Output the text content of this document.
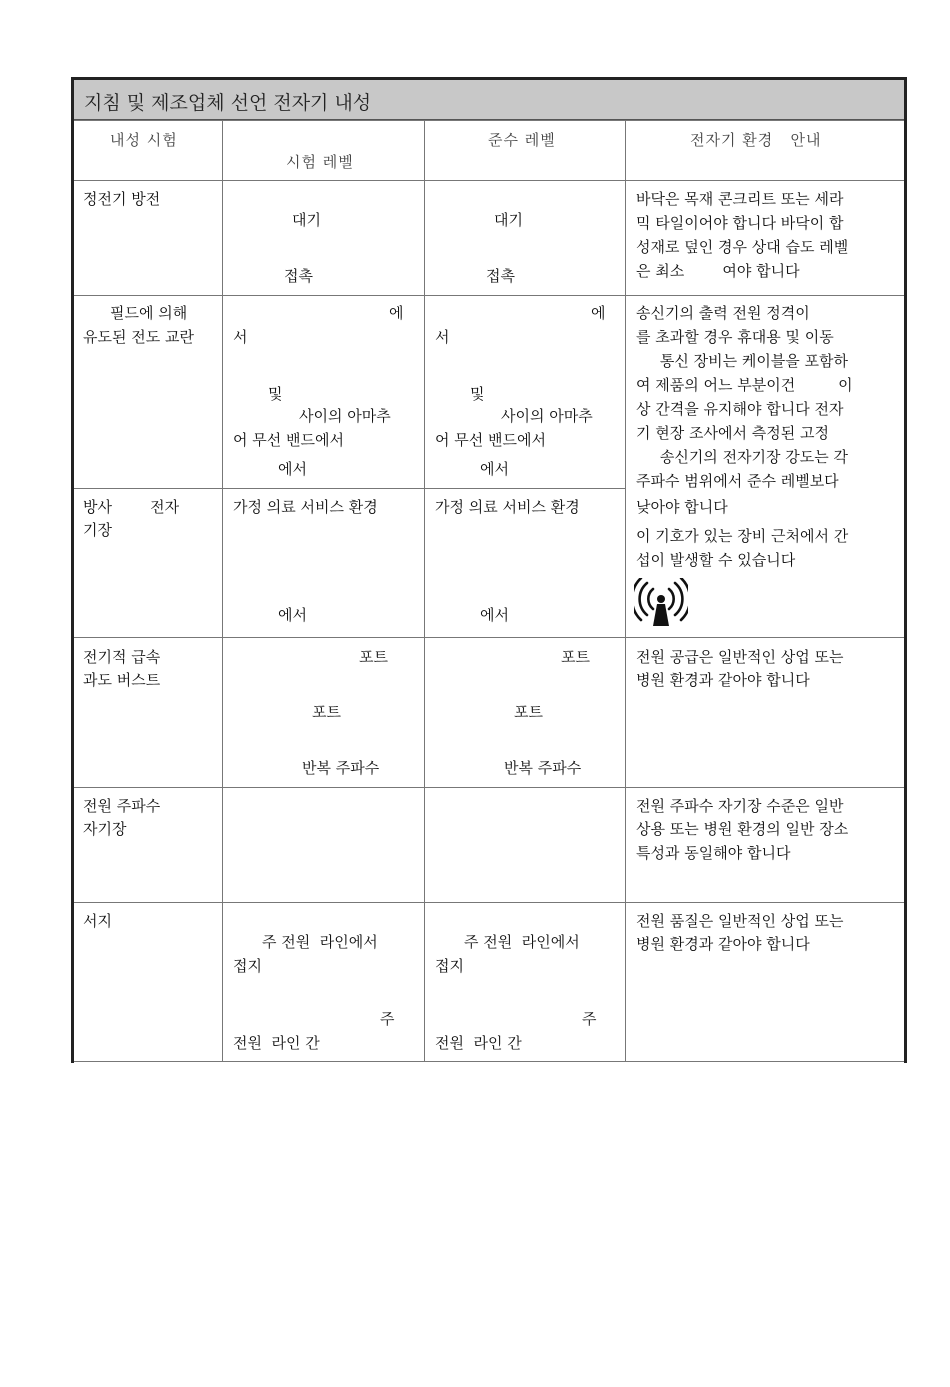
지침 및 제조업체 선언 전자기 내성
내성 시험
시험 레벨
준수 레벨	전자기 환경   안내
정전기 방전
대기
접촉
대기
접촉
바닥은 목재 콘크리트 또는 세라
믹 타일이어야 합니다 바닥이 합
성재로 덮인 경우 상대 습도 레벨
은 최소        여야 합니다
필드에 의해
유도된 전도 교란
에
서
및
사이의 아마추
어 무선 밴드에서
에서
에
서
및
사이의 아마추
어 무선 밴드에서
에서
송신기의 출력 전원 정격이
를 초과할 경우 휴대용 및 이동
통신 장비는 케이블을 포함하
여 제품의 어느 부분이건         이
상 간격을 유지해야 합니다 전자
기 현장 조사에서 측정된 고정
송신기의 전자기장 강도는 각
주파수 범위에서 준수 레벨보다
낮아야 합니다
이 기호가 있는 장비 근처에서 간
섭이 발생할 수 있습니다
방사        전자
기장
가정 의료 서비스 환경
에서
가정 의료 서비스 환경
에서
전기적 급속
과도 버스트
포트
포트
반복 주파수
포트
포트
반복 주파수
전원 공급은 일반적인 상업 또는
병원 환경과 같아야 합니다
전원 주파수
자기장
전원 주파수 자기장 수준은 일반
상용 또는 병원 환경의 일반 장소
특성과 동일해야 합니다
서지
주 전원  라인에서
접지
주
전원  라인 간
주 전원  라인에서
접지
주
전원  라인 간
전원 품질은 일반적인 상업 또는
병원 환경과 같아야 합니다
